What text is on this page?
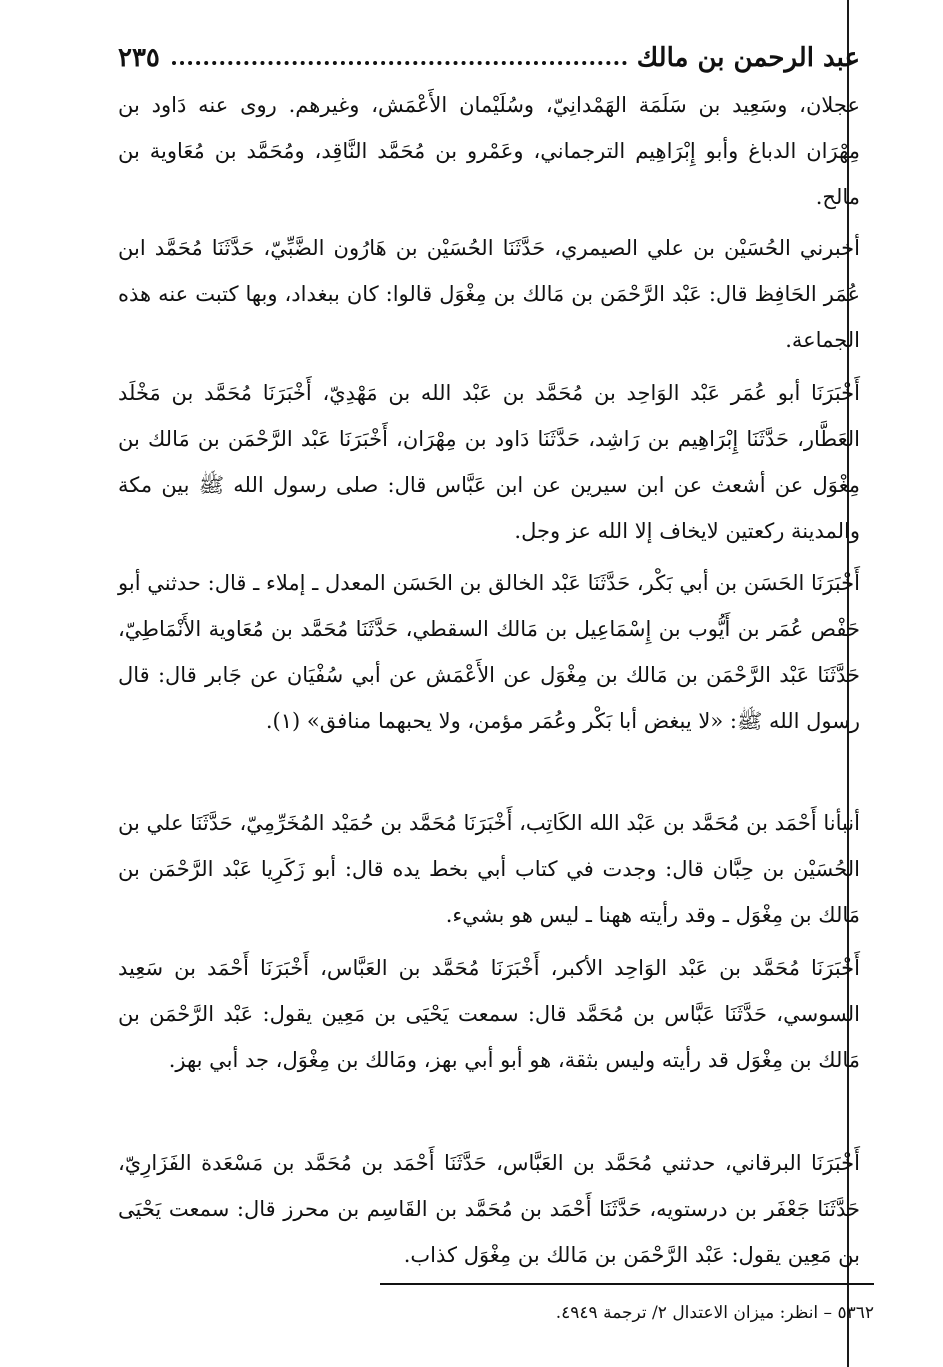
عبد الرحمن بن مالك
٢٣٥
عجلان، وسَعِيد بن سَلَمَة الهَمْدانِيّ، وسُلَيْمان الأَعْمَش، وغيرهم. روى عنه دَاود بن مِهْرَان الدباغ وأبو إِبْرَاهِيم الترجماني، وعَمْرو بن مُحَمَّد النَّاقِد، ومُحَمَّد بن مُعَاوية بن مالح.
أخبرني الحُسَيْن بن علي الصيمري، حَدَّثَنَا الحُسَيْن بن هَارُون الضَّبِّيّ، حَدَّثَنَا مُحَمَّد ابن عُمَر الحَافِظ قال: عَبْد الرَّحْمَن بن مَالك بن مِغْوَل قالوا: كان ببغداد، وبها كتبت عنه هذه الجماعة.
أَخْبَرَنَا أبو عُمَر عَبْد الوَاحِد بن مُحَمَّد بن عَبْد الله بن مَهْدِيّ، أَخْبَرَنَا مُحَمَّد بن مَخْلَد العَطَّار، حَدَّثَنَا إِبْرَاهِيم بن رَاشِد، حَدَّثَنَا دَاود بن مِهْرَان، أَخْبَرَنَا عَبْد الرَّحْمَن بن مَالك بن مِغْوَل عن أشعث عن ابن سيرين عن ابن عَبَّاس قال: صلى رسول الله ﷺ بين مكة والمدينة ركعتين لايخاف إلا الله عز وجل.
أَخْبَرَنَا الحَسَن بن أبي بَكْر، حَدَّثَنَا عَبْد الخالق بن الحَسَن المعدل ـ إملاء ـ قال: حدثني أبو حَفْص عُمَر بن أَيُّوب بن إِسْمَاعِيل بن مَالك السقطي، حَدَّثَنَا مُحَمَّد بن مُعَاوية الأَنْمَاطِيّ، حَدَّثَنَا عَبْد الرَّحْمَن بن مَالك بن مِغْوَل عن الأَعْمَش عن أبي سُفْيَان عن جَابر قال: قال رسول الله ﷺ: «لا يبغض أبا بَكْر وعُمَر مؤمن، ولا يحبهما منافق» (١).
أنبأنا أَحْمَد بن مُحَمَّد بن عَبْد الله الكَاتِب، أَخْبَرَنَا مُحَمَّد بن حُمَيْد المُخَرِّمِيّ، حَدَّثَنَا علي بن الحُسَيْن بن حِبَّان قال: وجدت في كتاب أبي بخط يده قال: أبو زَكَرِيا عَبْد الرَّحْمَن بن مَالك بن مِغْوَل ـ وقد رأيته ههنا ـ ليس هو بشيء.
أَخْبَرَنَا مُحَمَّد بن عَبْد الوَاحِد الأكبر، أَخْبَرَنَا مُحَمَّد بن العَبَّاس، أَخْبَرَنَا أَحْمَد بن سَعِيد السوسي، حَدَّثَنَا عَبَّاس بن مُحَمَّد قال: سمعت يَحْيَى بن مَعِين يقول: عَبْد الرَّحْمَن بن مَالك بن مِغْوَل قد رأيته وليس بثقة، هو أبو أبي بهز، ومَالك بن مِغْوَل، جد أبي بهز.
أَخْبَرَنَا البرقاني، حدثني مُحَمَّد بن العَبَّاس، حَدَّثَنَا أَحْمَد بن مُحَمَّد بن مَسْعَدة الفَزَارِيّ، حَدَّثَنَا جَعْفَر بن درستويه، حَدَّثَنَا أَحْمَد بن مُحَمَّد بن القَاسِم بن محرز قال: سمعت يَحْيَى بن مَعِين يقول: عَبْد الرَّحْمَن بن مَالك بن مِغْوَل كذاب.
٥٣٦٢ – انظر: ميزان الاعتدال ٢/ ترجمة ٤٩٤٩.
